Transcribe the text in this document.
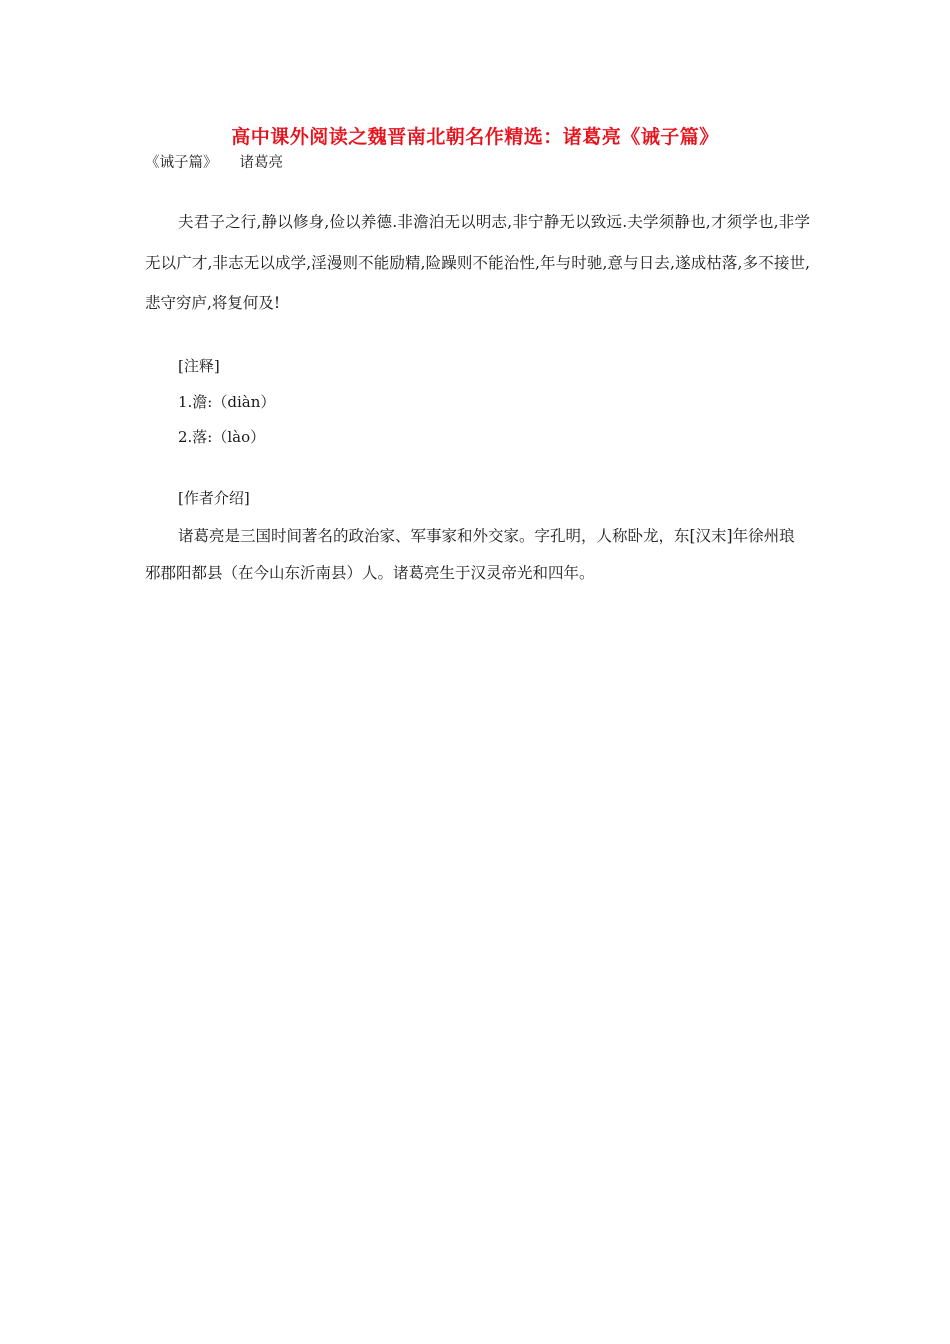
高中课外阅读之魏晋南北朝名作精选：诸葛亮《诫子篇》
《诫子篇》 诸葛亮
夫君子之行,静以修身,俭以养德.非澹泊无以明志,非宁静无以致远.夫学须静也,才须学也,非学无以广才,非志无以成学,淫漫则不能励精,险躁则不能治性,年与时驰,意与日去,遂成枯落,多不接世,悲守穷庐,将复何及!
[注释]
1.澹:（diàn）
2.落:（lào）
[作者介绍]
诸葛亮是三国时间著名的政治家、军事家和外交家。字孔明，人称卧龙，东[汉末]年徐州琅邪郡阳都县（在今山东沂南县）人。诸葛亮生于汉灵帝光和四年。
